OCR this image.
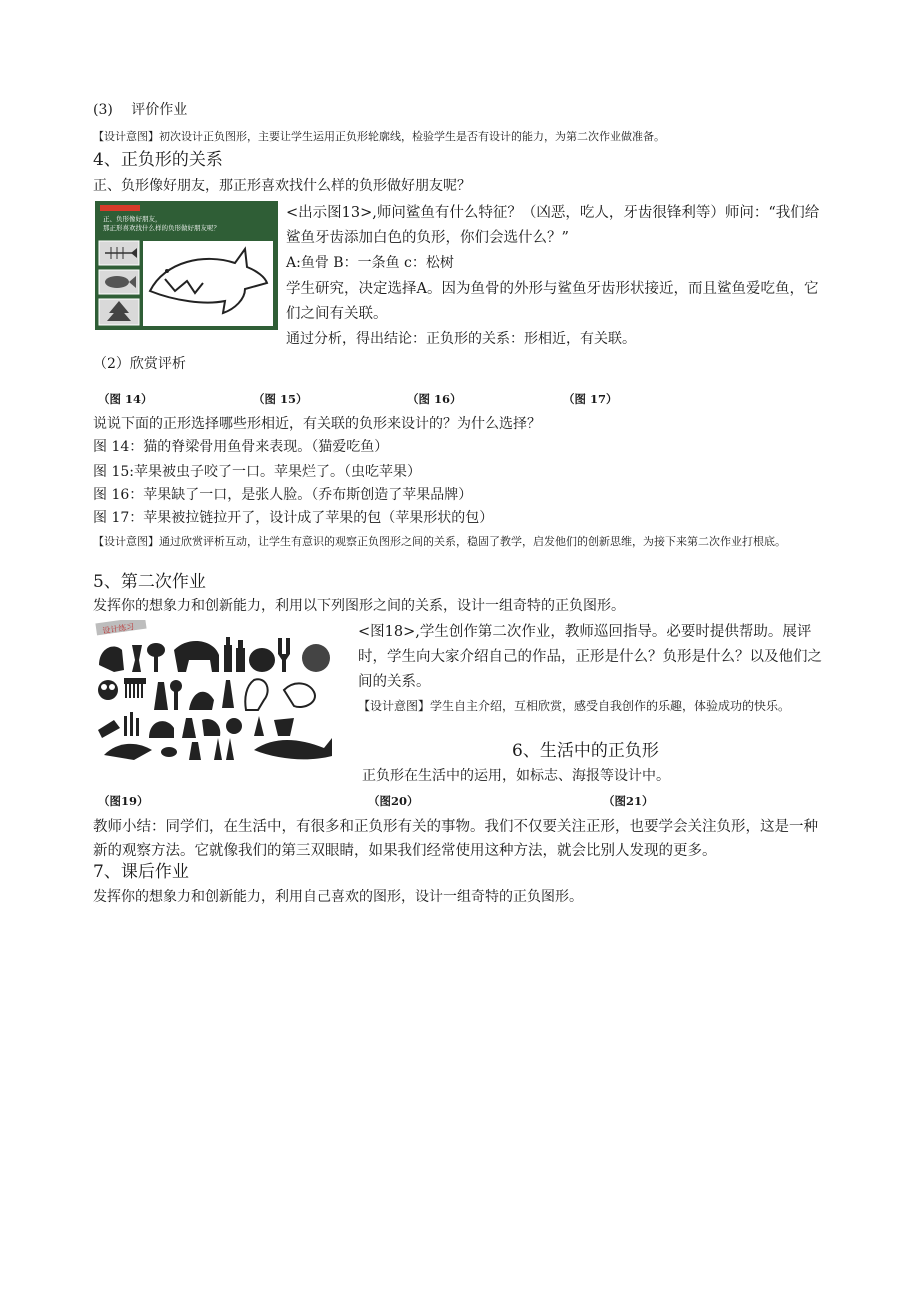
(3)　 评价作业
【设计意图】初次设计正负图形，主要让学生运用正负形轮廓线，检验学生是否有设计的能力，为第二次作业做准备。
4、正负形的关系
正、负形像好朋友，那正形喜欢找什么样的负形做好朋友呢？
正、负形像好朋友，
那正形喜欢找什么样的负形做好朋友呢？
<出示图13>,师问鲨鱼有什么特征？（凶恶，吃人，牙齿很锋利等）师问：“我们给鲨鱼牙齿添加白色的负形，你们会选什么？”
A:鱼骨 B：一条鱼 c：松树
学生研究，决定选择A。因为鱼骨的外形与鲨鱼牙齿形状接近，而且鲨鱼爱吃鱼，它们之间有关联。
通过分析，得出结论：正负形的关系：形相近，有关联。
（2）欣赏评析
（图 14）	（图 15）	（图 16）	（图 17）
说说下面的正形选择哪些形相近，有关联的负形来设计的？为什么选择？
图 14：猫的脊梁骨用鱼骨来表现。（猫爱吃鱼）
图 15:苹果被虫子咬了一口。苹果烂了。（虫吃苹果）
图 16：苹果缺了一口，是张人脸。（乔布斯创造了苹果品牌）
图 17：苹果被拉链拉开了，设计成了苹果的包（苹果形状的包）
【设计意图】通过欣赏评析互动，让学生有意识的观察正负图形之间的关系，稳固了教学，启发他们的创新思维，为接下来第二次作业打根底。
5、第二次作业
发挥你的想象力和创新能力，利用以下列图形之间的关系，设计一组奇特的正负图形。
设计练习	<图18>,学生创作第二次作业，教师巡回指导。必要时提供帮助。展评时，学生向大家介绍自己的作品，正形是什么？负形是什么？以及他们之间的关系。
【设计意图】学生自主介绍，互相欣赏，感受自我创作的乐趣，体验成功的快乐。
6、生活中的正负形
正负形在生活中的运用，如标志、海报等设计中。
（图19）	（图20）	（图21）
教师小结：同学们，在生活中，有很多和正负形有关的事物。我们不仅要关注正形，也要学会关注负形，这是一种新的观察方法。它就像我们的第三双眼睛，如果我们经常使用这种方法，就会比别人发现的更多。
7、课后作业
发挥你的想象力和创新能力，利用自己喜欢的图形，设计一组奇特的正负图形。
